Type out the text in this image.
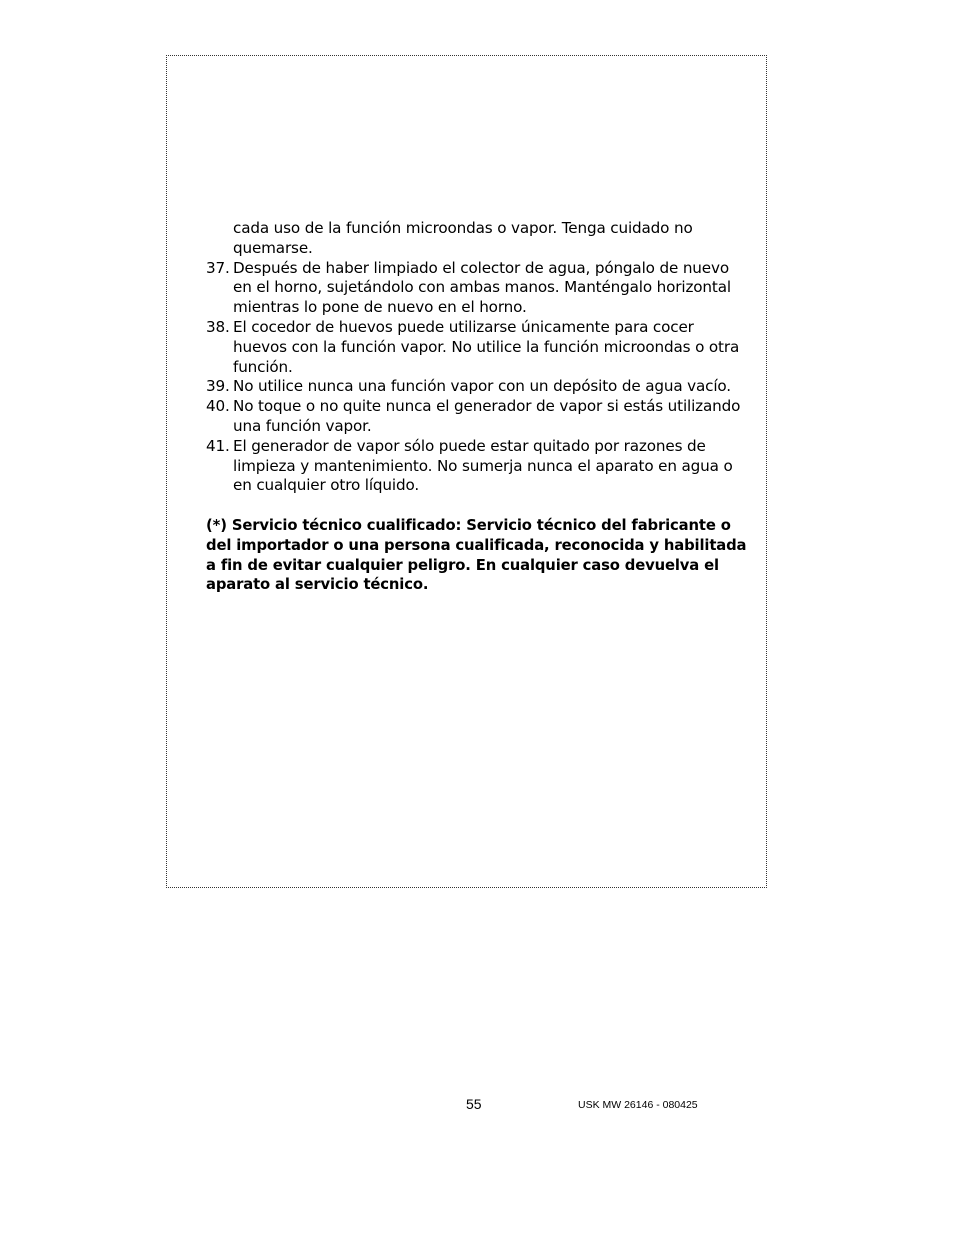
cada uso de la función microondas o vapor. Tenga cuidado no quemarse.

37. Después de haber limpiado el colector de agua, póngalo de nuevo en el horno, sujetándolo con ambas manos. Manténgalo horizontal mientras lo pone de nuevo en el horno.
38. El cocedor de huevos puede utilizarse únicamente para cocer huevos con la función vapor. No utilice la función microondas o otra función.
39. No utilice nunca una función vapor con un depósito de agua vacío.
40. No toque o no quite nunca el generador de vapor si estás utilizando una función vapor.
41. El generador de vapor sólo puede estar quitado por razones de limpieza y mantenimiento. No sumerja nunca el aparato en agua o en cualquier otro líquido.

(*) Servicio técnico cualificado: Servicio técnico del fabricante o del importador o una persona cualificada, reconocida y habilitada a fin de evitar cualquier peligro. En cualquier caso devuelva el aparato al servicio técnico.

55	USK MW 26146 - 080425
